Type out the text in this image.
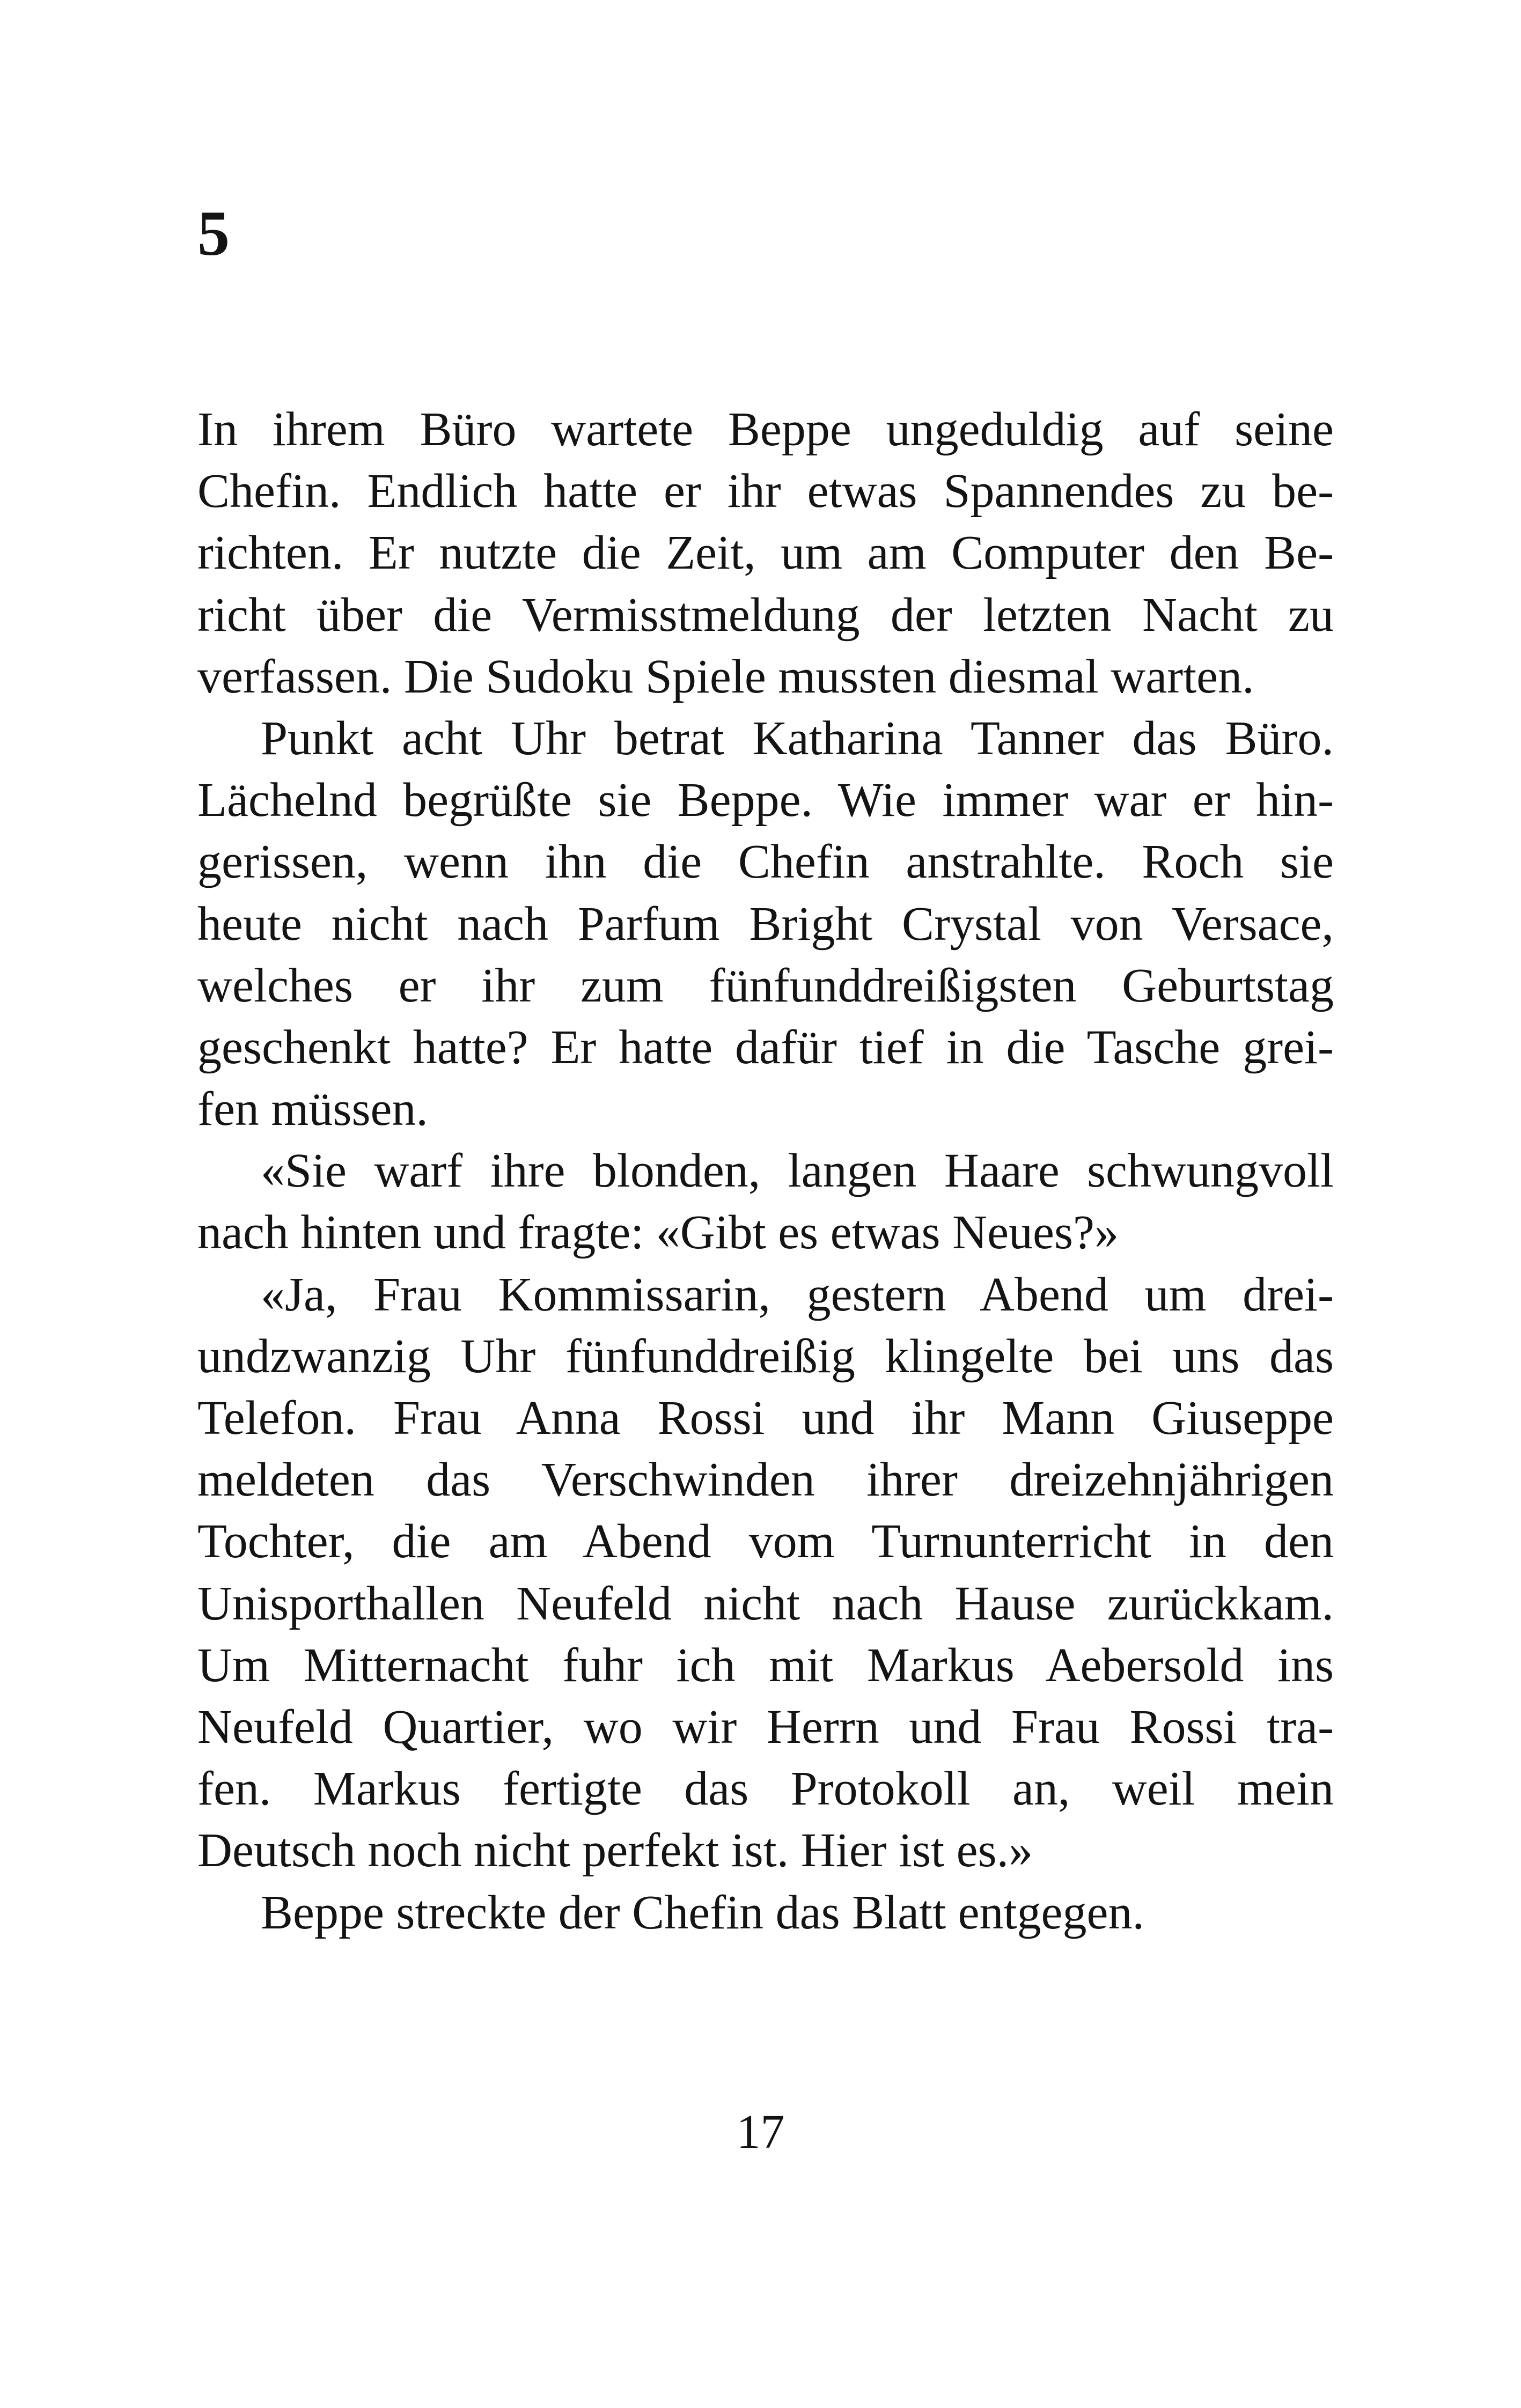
5

In ihrem Büro wartete Beppe ungeduldig auf seine
Chefin. Endlich hatte er ihr etwas Spannendes zu be-
richten. Er nutzte die Zeit, um am Computer den Be-
richt über die Vermisstmeldung der letzten Nacht zu
verfassen. Die Sudoku Spiele mussten diesmal warten.

Punkt acht Uhr betrat Katharina Tanner das Büro.
Lächelnd begrüßte sie Beppe. Wie immer war er hin-
gerissen, wenn ihn die Chefin anstrahlte. Roch sie
heute nicht nach Parfum Bright Crystal von Versace,
welches er ihr zum fünfunddreißigsten Geburtstag
geschenkt hatte? Er hatte dafür tief in die Tasche grei-
fen müssen.

«Sie warf ihre blonden, langen Haare schwungvoll
nach hinten und fragte: «Gibt es etwas Neues?»

«Ja, Frau Kommissarin, gestern Abend um drei-
undzwanzig Uhr fünfunddreißig klingelte bei uns das
Telefon. Frau Anna Rossi und ihr Mann Giuseppe
meldeten das Verschwinden ihrer dreizehnjährigen
Tochter, die am Abend vom Turnunterricht in den
Unisporthallen Neufeld nicht nach Hause zurückkam.
Um Mitternacht fuhr ich mit Markus Aebersold ins
Neufeld Quartier, wo wir Herrn und Frau Rossi tra-
fen. Markus fertigte das Protokoll an, weil mein
Deutsch noch nicht perfekt ist. Hier ist es.»

Beppe streckte der Chefin das Blatt entgegen.

17
